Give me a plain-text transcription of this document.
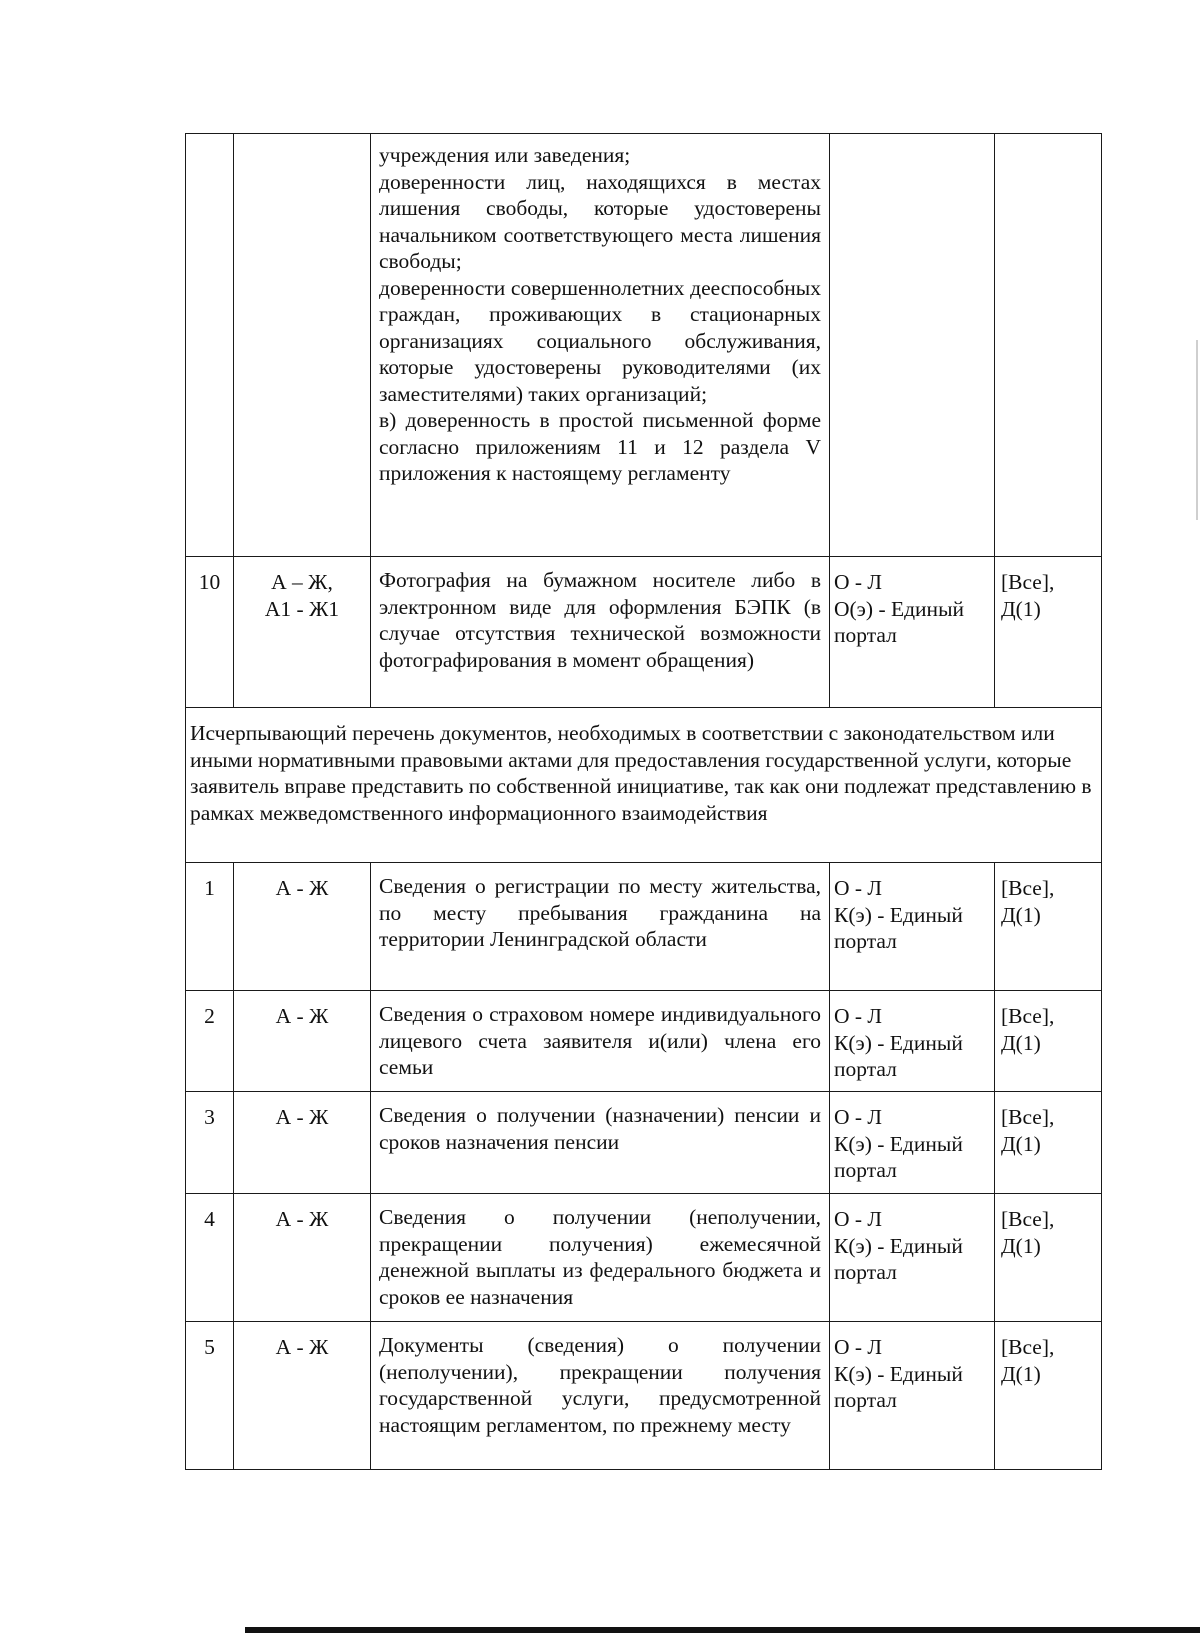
		учреждения или заведения;
доверенности лиц, находящихся в местах лишения свободы, которые удостоверены начальником соответствующего места лишения свободы;
доверенности совершеннолетних дееспособных граждан, проживающих в стационарных организациях социального обслуживания, которые удостоверены руководителями (их заместителями) таких организаций;
в) доверенность в простой письменной форме согласно приложениям 11 и 12 раздела V приложения к настоящему регламенту		

10	А – Ж,
А1 - Ж1	Фотография на бумажном носителе либо в электронном виде для оформления БЭПК (в случае отсутствия технической возможности фотографирования в момент обращения)	О - Л
О(э) - Единый
портал	[Все],
Д(1)

Исчерпывающий перечень документов, необходимых в соответствии с законодательством или иными нормативными правовыми актами для предоставления государственной услуги, которые заявитель вправе представить по собственной инициативе, так как они подлежат представлению в рамках межведомственного информационного взаимодействия				
1	А - Ж	Сведения о регистрации по месту жительства, по месту пребывания гражданина на территории Ленинградской области	О - Л
К(э) - Единый
портал	[Все],
Д(1)

2	А - Ж	Сведения о страховом номере индивидуального лицевого счета заявителя и(или) члена его семьи	О - Л
К(э) - Единый
портал	[Все],
Д(1)

3	А - Ж	Сведения о получении (назначении) пенсии и сроков назначения пенсии	О - Л
К(э) - Единый
портал	[Все],
Д(1)

4	А - Ж	Сведения о получении (неполучении, прекращении получения) ежемесячной денежной выплаты из федерального бюджета и сроков ее назначения	О - Л
К(э) - Единый
портал	[Все],
Д(1)

5	А - Ж	Документы (сведения) о получении (неполучении), прекращении получения государственной услуги, предусмотренной настоящим регламентом, по прежнему месту	О - Л
К(э) - Единый
портал	[Все],
Д(1)
